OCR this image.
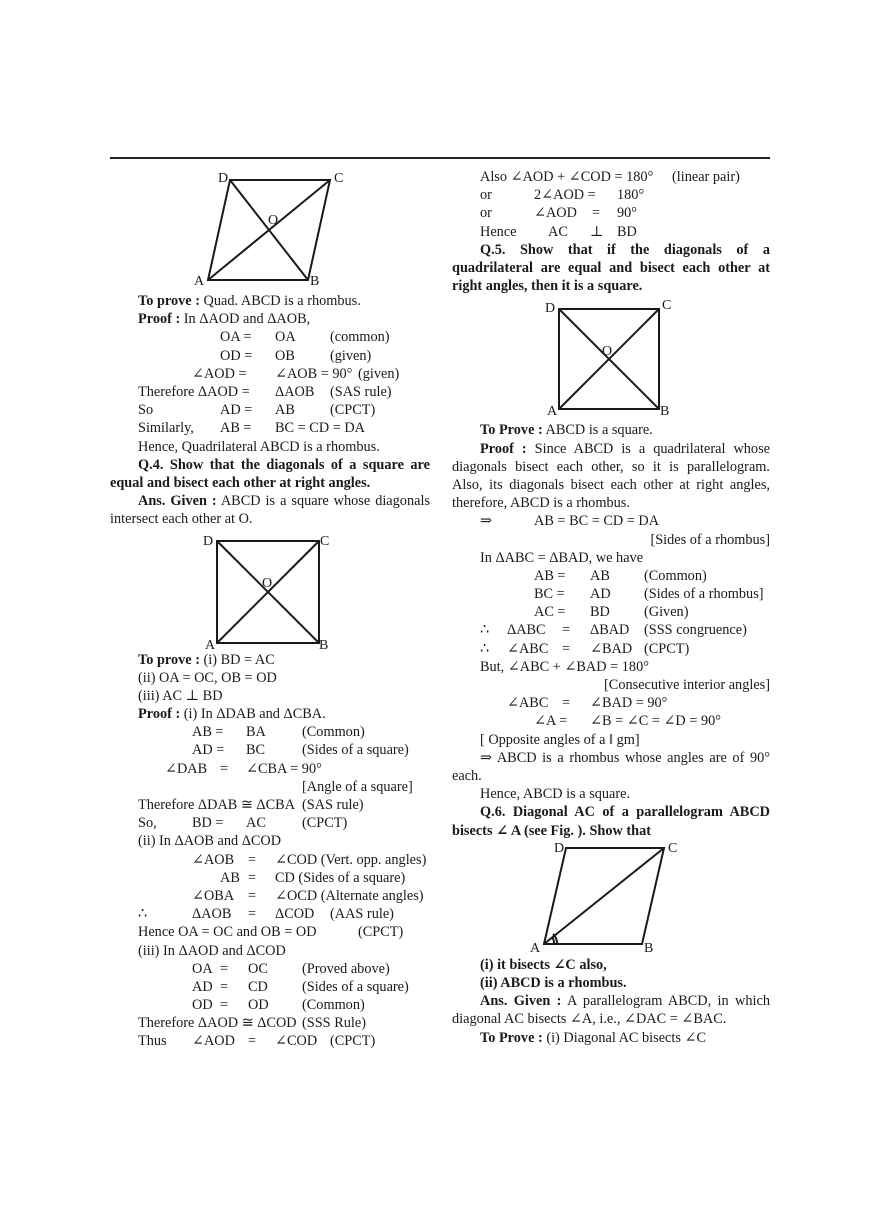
D	C
O
A	B
To prove : Quad. ABCD is a rhombus.
Proof : In ΔAOD and ΔAOB,
OA = OA (common)
OD = OB (given)
∠AOD = ∠AOB = 90° (given)
Therefore ΔAOD = ΔAOB (SAS rule)
So	AD = AB (CPCT)
Similarly, AB = BC = CD = DA
Hence, Quadrilateral ABCD is a rhombus.
Q.4. Show that the diagonals of a square are equal and bisect each other at right angles.
Ans. Given : ABCD is a square whose diagonals intersect each other at O.
D	C
O
A	B
To prove : (i) BD = AC
(ii) OA = OC, OB = OD
(iii) AC ⊥ BD
Proof : (i) In ΔDAB and ΔCBA.
AB = BA	(Common)
AD = BC	(Sides of a square)
∠DAB = ∠CBA = 90°
[Angle of a square]
Therefore ΔDAB ≅ ΔCBA (SAS rule)
So, BD = AC	(CPCT)
(ii) In ΔAOB and ΔCOD
∠AOB = ∠COD (Vert. opp. angles)
AB = CD (Sides of a square)
∠OBA = ∠OCD (Alternate angles)
∴	ΔAOB = ΔCOD (AAS rule)
Hence OA = OC and OB = OD	(CPCT)
(iii) In ΔAOD and ΔCOD
OA = OC (Proved above)
AD = CD (Sides of a square)
OD = OD (Common)
Therefore ΔAOD ≅ ΔCOD (SSS Rule)
Thus ∠AOD = ∠COD (CPCT)
Also ∠AOD + ∠COD = 180° (linear pair)
or	2∠AOD = 180°
or	∠AOD = 90°
Hence AC ⊥ BD
Q.5. Show that if the diagonals of a quadrilateral are equal and bisect each other at right angles, then it is a square.
D	C
O
A	B
To Prove : ABCD is a square.
Proof : Since ABCD is a quadrilateral whose diagonals bisect each other, so it is parallelogram. Also, its diagonals bisect each other at right angles, therefore, ABCD is a rhombus.
⇒	AB = BC = CD = DA
[Sides of a rhombus]
In ΔABC = ΔBAD, we have
AB = AB (Common)
BC = AD (Sides of a rhombus]
AC = BD (Given)
∴ ΔABC = ΔBAD (SSS congruence)
∴ ∠ABC = ∠BAD (CPCT)
But, ∠ABC + ∠BAD = 180°
[Consecutive interior angles]
∠ABC = ∠BAD = 90°
∠A = ∠B = ∠C = ∠D = 90°
[ Opposite angles of a ‖ gm]
⇒ ABCD is a rhombus whose angles are of 90° each.
Hence, ABCD is a square.
Q.6. Diagonal AC of a parallelogram ABCD bisects ∠ A (see Fig. ). Show that
D	C
A	B
(i) it bisects ∠C also,
(ii) ABCD is a rhombus.
Ans. Given : A parallelogram ABCD, in which diagonal AC bisects ∠A, i.e., ∠DAC = ∠BAC.
To Prove : (i) Diagonal AC bisects ∠C
